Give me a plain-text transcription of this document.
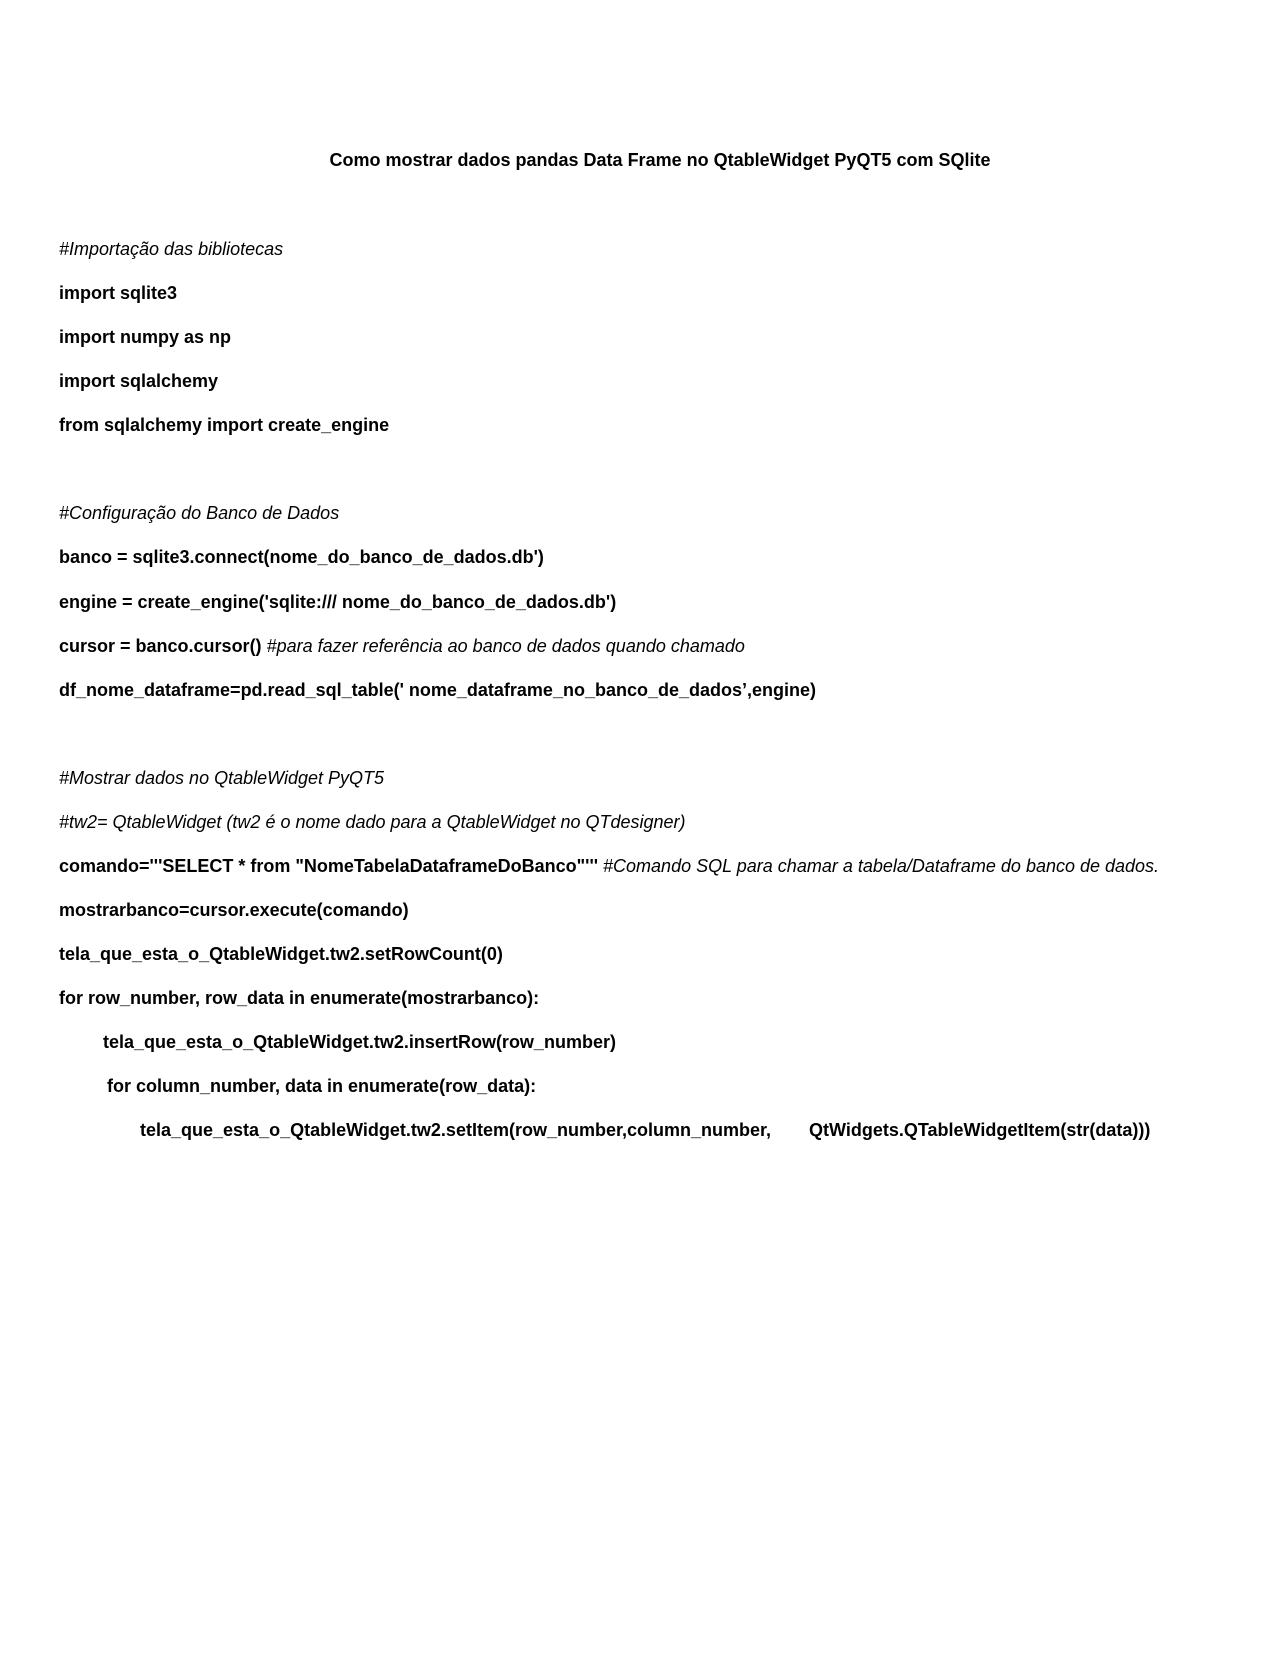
Como mostrar dados pandas Data Frame no QtableWidget PyQT5 com SQlite
#Importação das bibliotecas
import sqlite3
import numpy as np
import sqlalchemy
from sqlalchemy import create_engine
#Configuração do Banco de Dados
banco = sqlite3.connect(nome_do_banco_de_dados.db')
engine = create_engine('sqlite:/// nome_do_banco_de_dados.db')
cursor = banco.cursor() #para fazer referência ao banco de dados quando chamado
df_nome_dataframe=pd.read_sql_table(' nome_dataframe_no_banco_de_dados’,engine)
#Mostrar dados no QtableWidget PyQT5
#tw2= QtableWidget (tw2 é o nome dado para a QtableWidget no QTdesigner)
comando='''SELECT * from "NomeTabelaDataframeDoBanco"''' #Comando SQL para chamar a tabela/Dataframe do banco de dados.
mostrarbanco=cursor.execute(comando)
tela_que_esta_o_QtableWidget.tw2.setRowCount(0)
for row_number, row_data in enumerate(mostrarbanco):
tela_que_esta_o_QtableWidget.tw2.insertRow(row_number)
for column_number, data in enumerate(row_data):
tela_que_esta_o_QtableWidget.tw2.setItem(row_number,column_number, QtWidgets.QTableWidgetItem(str(data)))
